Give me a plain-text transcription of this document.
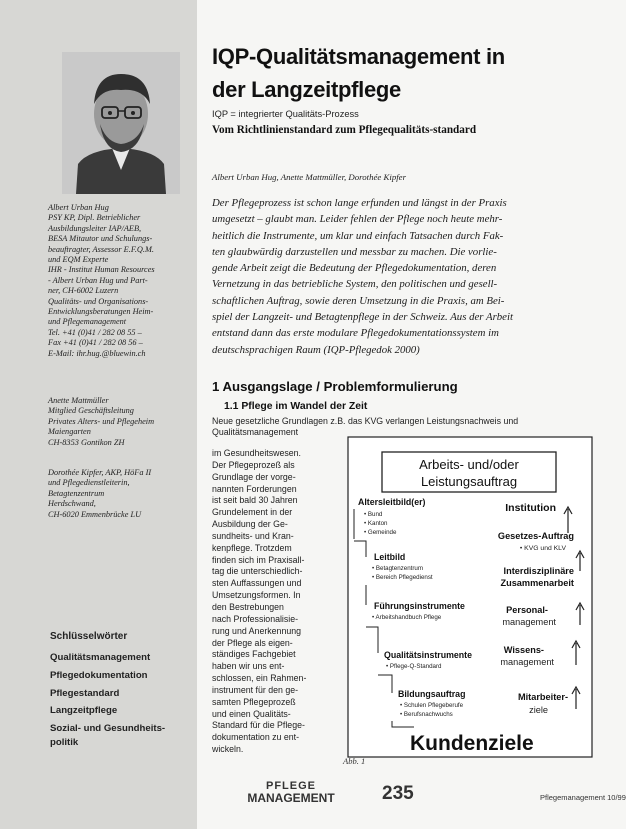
Albert Urban Hug
PSY KP, Dipl. Betrieblicher
Ausbildungsleiter IAP/AEB,
BESA Mitautor und Schulungs-
beauftragter, Assessor E.F.Q.M.
und EQM Experte
IHR - Institut Human Resources
- Albert Urban Hug und Part-
ner, CH-6002 Luzern
Qualitäts- und Organisations-
Entwicklungsberatungen Heim-
und Pflegemanagement
Tel. +41 (0)41 / 282 08 55 –
Fax +41 (0)41 / 282 08 56 –
E-Mail: ihr.hug.@bluewin.ch
Anette Mattmüller
Mitglied Geschäftsleitung
Privates Alters- und Pflegeheim
Maiengarten
CH-8353 Gontikon ZH
Dorothée Kipfer, AKP, HöFa II
und Pflegedienstleiterin,
Betagtenzentrum
Herdschwand,
CH-6020 Emmenbrücke LU
Schlüsselwörter
Qualitätsmanagement
Pflegedokumentation
Pflegestandard
Langzeitpflege
Sozial- und Gesundheits-
politik
IQP-Qualitätsmanagement in
der Langzeitpflege
IQP = integrierter Qualitäts-Prozess
Vom Richtlinienstandard zum Pflegequalitäts-standard
Albert Urban Hug, Anette Mattmüller, Dorothée Kipfer
Der Pflegeprozess ist schon lange erfunden und längst in der Praxis
umgesetzt – glaubt man. Leider fehlen der Pflege noch heute mehr-
heitlich die Instrumente, um klar und einfach Tatsachen durch Fak-
ten glaubwürdig darzustellen und messbar zu machen. Die vorlie-
gende Arbeit zeigt die Bedeutung der Pflegedokumentation, deren
Vernetzung in das betriebliche System, den politischen und gesell-
schaftlichen Auftrag, sowie deren Umsetzung in die Praxis, am Bei-
spiel der Langzeit- und Betagtenpflege in der Schweiz. Aus der Arbeit
entstand dann das erste modulare Pflegedokumentationssystem im
deutschsprachigen Raum (IQP-Pflegedok 2000)
1 Ausgangslage / Problemformulierung
1.1 Pflege im Wandel der Zeit
Neue gesetzliche Grundlagen z.B. das KVG verlangen Leistungsnachweis und
Qualitätsmanagement
im Gesundheitswesen.
Der Pflegeprozeß als
Grundlage der vorge-
nannten Forderungen
ist seit bald 30 Jahren
Grundelement in der
Ausbildung der Ge-
sundheits- und Kran-
kenpflege. Trotzdem
finden sich im Praxisall-
tag die unterschiedlich-
sten Auffassungen und
Umsetzungsformen. In
den Bestrebungen
nach Professionalisie-
rung und Anerkennung
der Pflege als eigen-
ständiges Fachgebiet
haben wir uns ent-
schlossen, ein Rahmen-
instrument für den ge-
samten Pflegeprozeß
und einen Qualitäts-
Standard für die Pflege-
dokumentation zu ent-
wickeln.
Arbeits- und/oder
Leistungsauftrag
Altersleitbild(er)
• Bund
• Kanton
• Gemeinde
Leitbild
• Betagtenzentrum
• Bereich Pflegedienst
Führungsinstrumente
• Arbeitshandbuch Pflege
Qualitätsinstrumente
• Pflege-Q-Standard
Bildungsauftrag
• Schulen Pflegeberufe
• Berufsnachwuchs
Institution
Gesetzes-Auftrag
• KVG und KLV
Interdisziplinäre
Zusammenarbeit
Personal-
management
Wissens-
management
Mitarbeiter-
ziele
Kundenziele
Abb. 1
PFLEGE
MANAGEMENT	235	Pflegemanagement 10/99
